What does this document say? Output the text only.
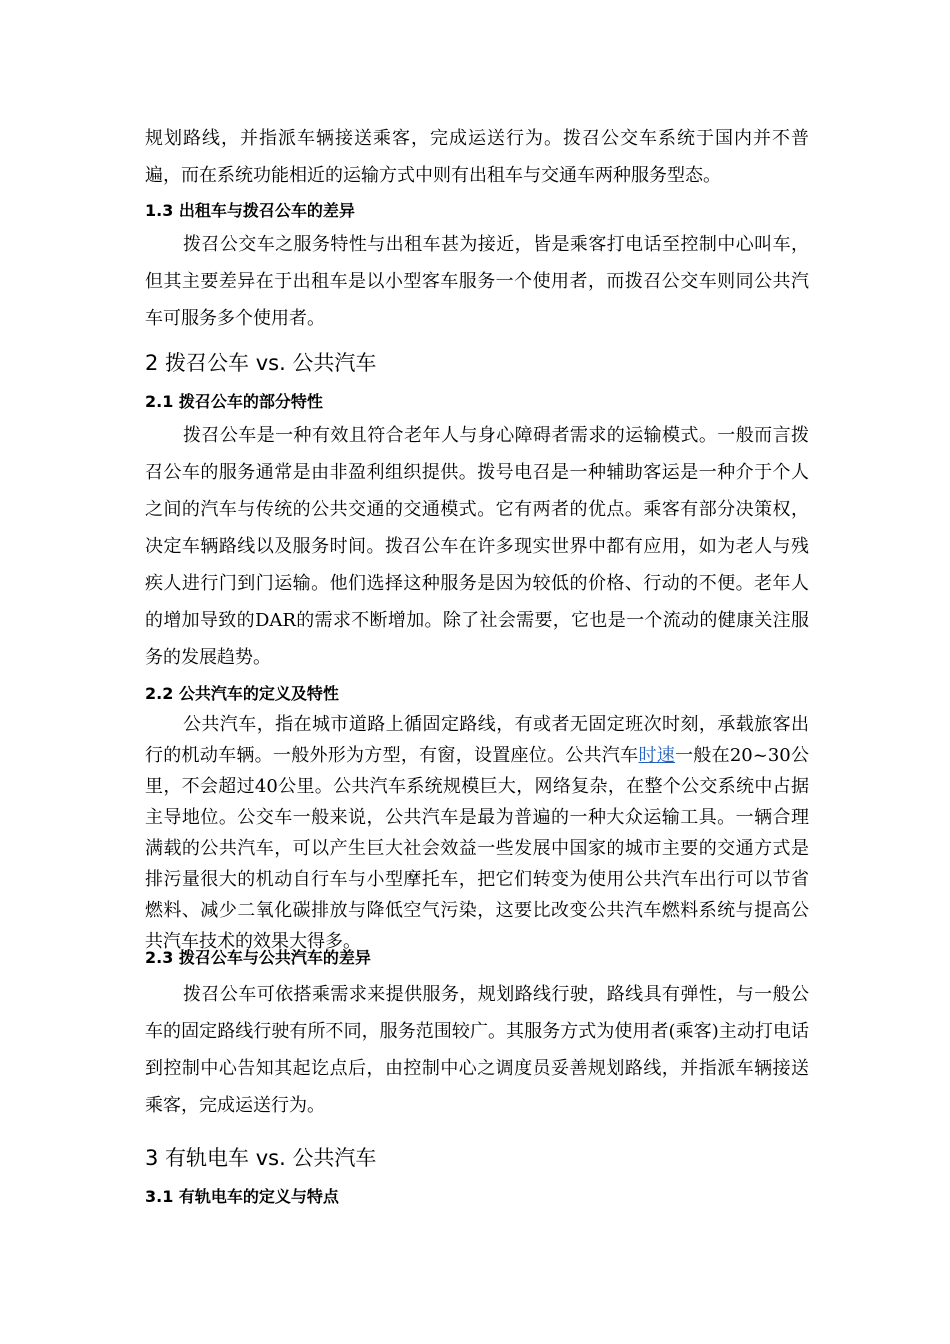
规划路线，并指派车辆接送乘客，完成运送行为。拨召公交车系统于国内并不普遍，而在系统功能相近的运输方式中则有出租车与交通车两种服务型态。

1.3 出租车与拨召公车的差异

拨召公交车之服务特性与出租车甚为接近，皆是乘客打电话至控制中心叫车，但其主要差异在于出租车是以小型客车服务一个使用者，而拨召公交车则同公共汽车可服务多个使用者。

2 拨召公车 vs. 公共汽车
2.1 拨召公车的部分特性

拨召公车是一种有效且符合老年人与身心障碍者需求的运输模式。一般而言拨召公车的服务通常是由非盈利组织提供。拨号电召是一种辅助客运是一种介于个人之间的汽车与传统的公共交通的交通模式。它有两者的优点。乘客有部分决策权，决定车辆路线以及服务时间。拨召公车在许多现实世界中都有应用，如为老人与残疾人进行门到门运输。他们选择这种服务是因为较低的价格、行动的不便。老年人的增加导致的DAR的需求不断增加。除了社会需要，它也是一个流动的健康关注服务的发展趋势。

2.2 公共汽车的定义及特性

公共汽车，指在城市道路上循固定路线，有或者无固定班次时刻，承载旅客出行的机动车辆。一般外形为方型，有窗，设置座位。公共汽车时速一般在20~30公里，不会超过40公里。公共汽车系统规模巨大，网络复杂，在整个公交系统中占据主导地位。公交车一般来说，公共汽车是最为普遍的一种大众运输工具。一辆合理满载的公共汽车，可以产生巨大社会效益一些发展中国家的城市主要的交通方式是排污量很大的机动自行车与小型摩托车，把它们转变为使用公共汽车出行可以节省燃料、减少二氧化碳排放与降低空气污染，这要比改变公共汽车燃料系统与提高公共汽车技术的效果大得多。

2.3 拨召公车与公共汽车的差异

拨召公车可依搭乘需求来提供服务，规划路线行驶，路线具有弹性，与一般公车的固定路线行驶有所不同，服务范围较广。其服务方式为使用者(乘客)主动打电话到控制中心告知其起讫点后，由控制中心之调度员妥善规划路线，并指派车辆接送乘客，完成运送行为。

3 有轨电车 vs. 公共汽车
3.1 有轨电车的定义与特点
